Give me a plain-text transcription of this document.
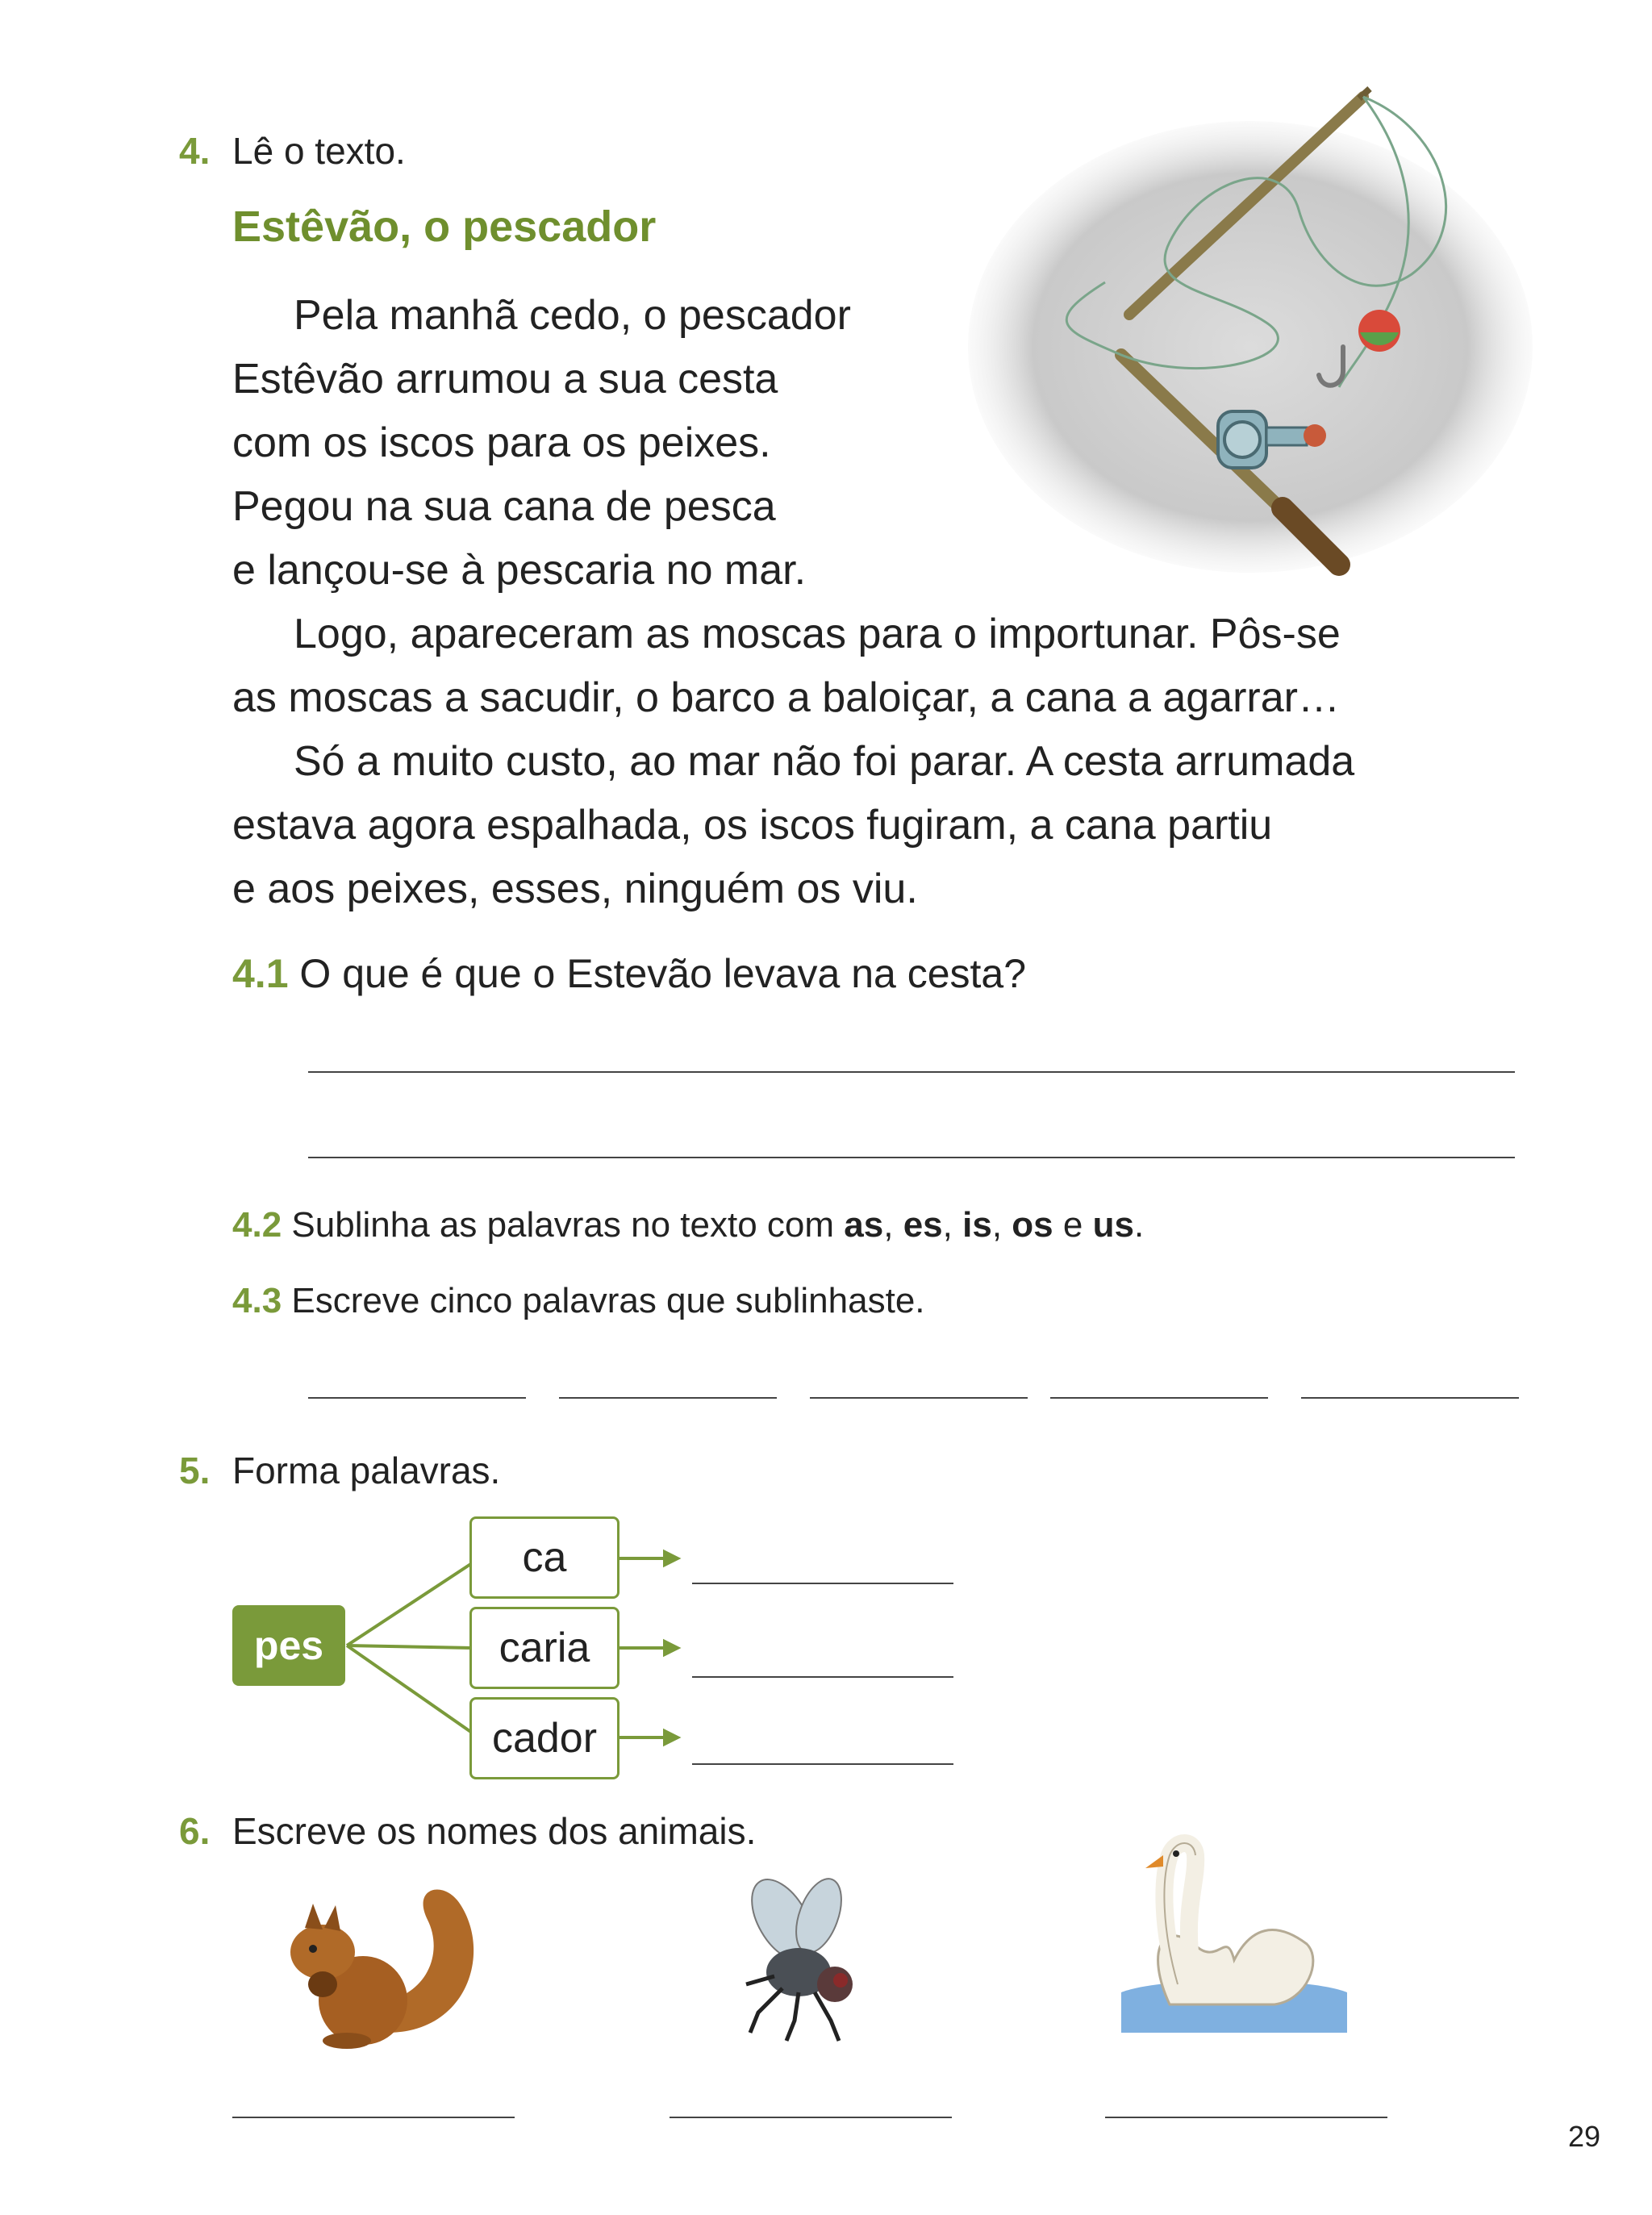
4. Lê o texto.
Estêvão, o pescador
Pela manhã cedo, o pescador
Estêvão arrumou a sua cesta
com os iscos para os peixes.
Pegou na sua cana de pesca
e lançou-se à pescaria no mar.
Logo, apareceram as moscas para o importunar. Pôs-se
as moscas a sacudir, o barco a baloiçar, a cana a agarrar…
Só a muito custo, ao mar não foi parar. A cesta arrumada
estava agora espalhada, os iscos fugiram, a cana partiu
e aos peixes, esses, ninguém os viu.
4.1 O que é que o Estevão levava na cesta?
4.2 Sublinha as palavras no texto com as, es, is, os e us.
4.3 Escreve cinco palavras que sublinhaste.
5. Forma palavras.
pes
ca
caria
cador
6. Escreve os nomes dos animais.
29
